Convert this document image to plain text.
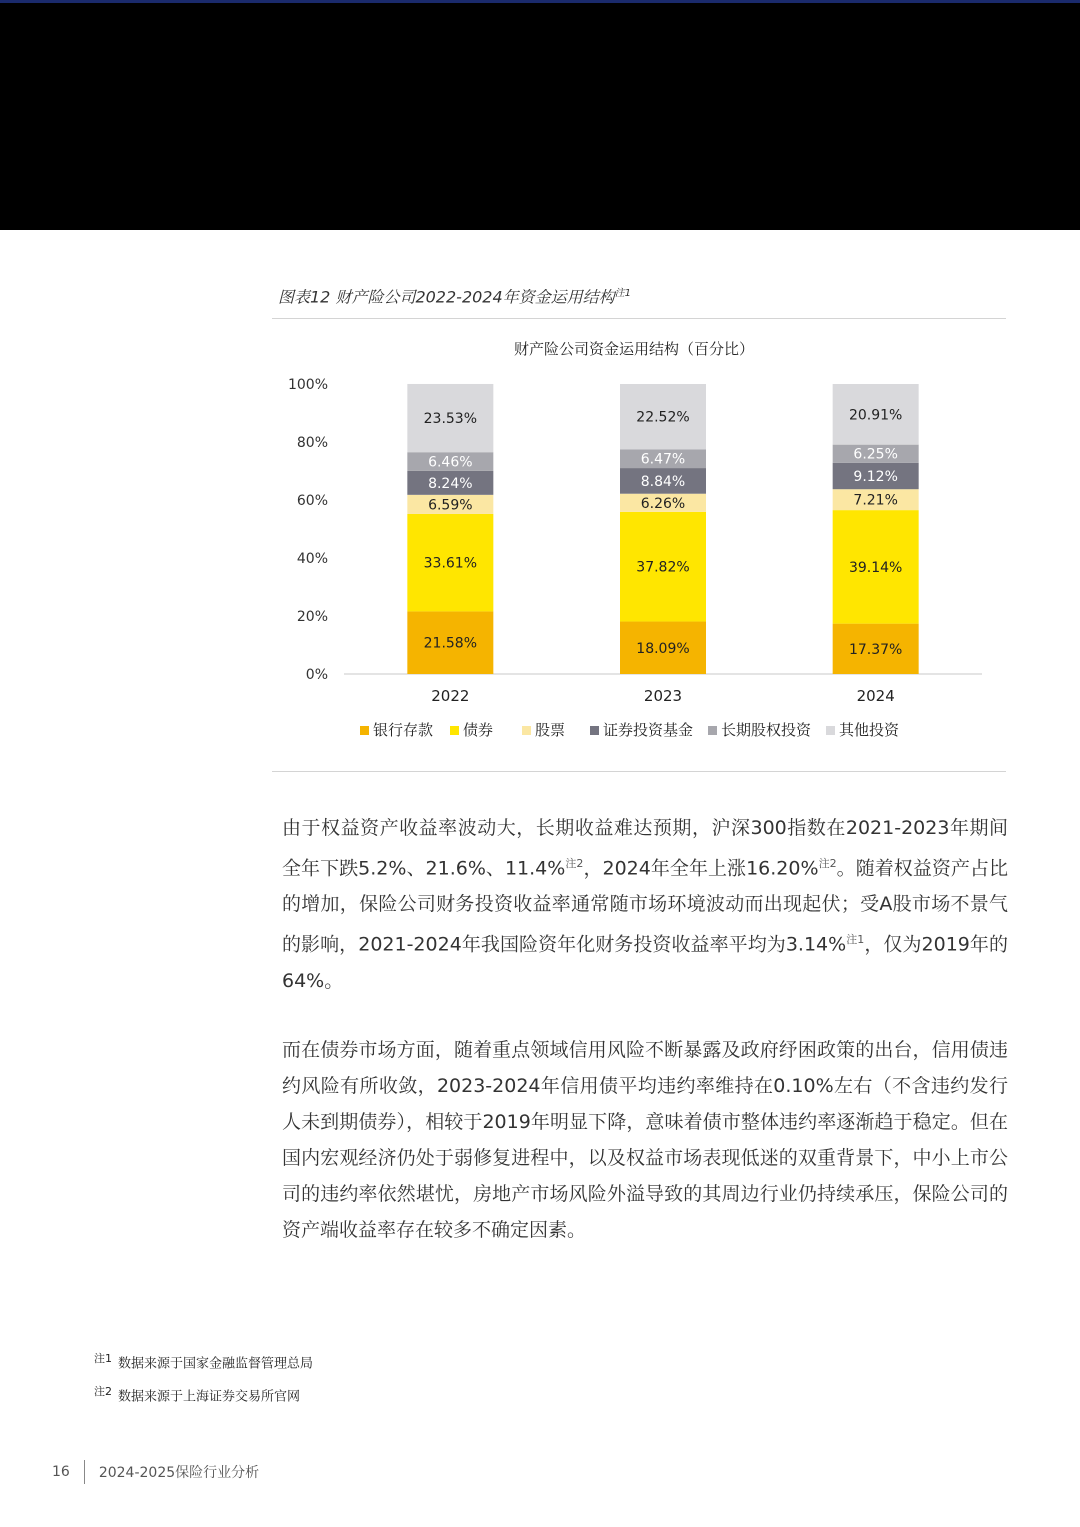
图表12 财产险公司2022-2024年资金运用结构$^{注1}$
财产险公司资金运用结构（百分比）
0%
20%
40%
60%
80%
100%
21.58%
33.61%
6.59%
8.24%
6.46%
23.53%
2022
18.09%
37.82%
6.26%
8.84%
6.47%
22.52%
2023
17.37%
39.14%
7.21%
9.12%
6.25%
20.91%
2024
银行存款 债券	股票	证券投资基金 长期股权投资 其他投资
由于权益资产收益率波动大，长期收益难达预期，沪深300指数在2021-2023年期间全年下跌5.2%、21.6%、11.4%$^{注2}$，2024年全年上涨16.20%$^{注2}$。随着权益资产占比的增加，保险公司财务投资收益率通常随市场环境波动而出现起伏；受A股市场不景气的影响，2021-2024年我国险资年化财务投资收益率平均为3.14%$^{注1}$，仅为2019年的64%。
而在债券市场方面，随着重点领域信用风险不断暴露及政府纾困政策的出台，信用债违约风险有所收敛，2023-2024年信用债平均违约率维持在0.10%左右（不含违约发行人未到期债券），相较于2019年明显下降，意味着债市整体违约率逐渐趋于稳定。但在国内宏观经济仍处于弱修复进程中，以及权益市场表现低迷的双重背景下，中小上市公司的违约率依然堪忧，房地产市场风险外溢导致的其周边行业仍持续承压，保险公司的资产端收益率存在较多不确定因素。
$^{注1}$ 数据来源于国家金融监督管理总局
$^{注2}$ 数据来源于上海证券交易所官网
16 2024-2025保险行业分析
